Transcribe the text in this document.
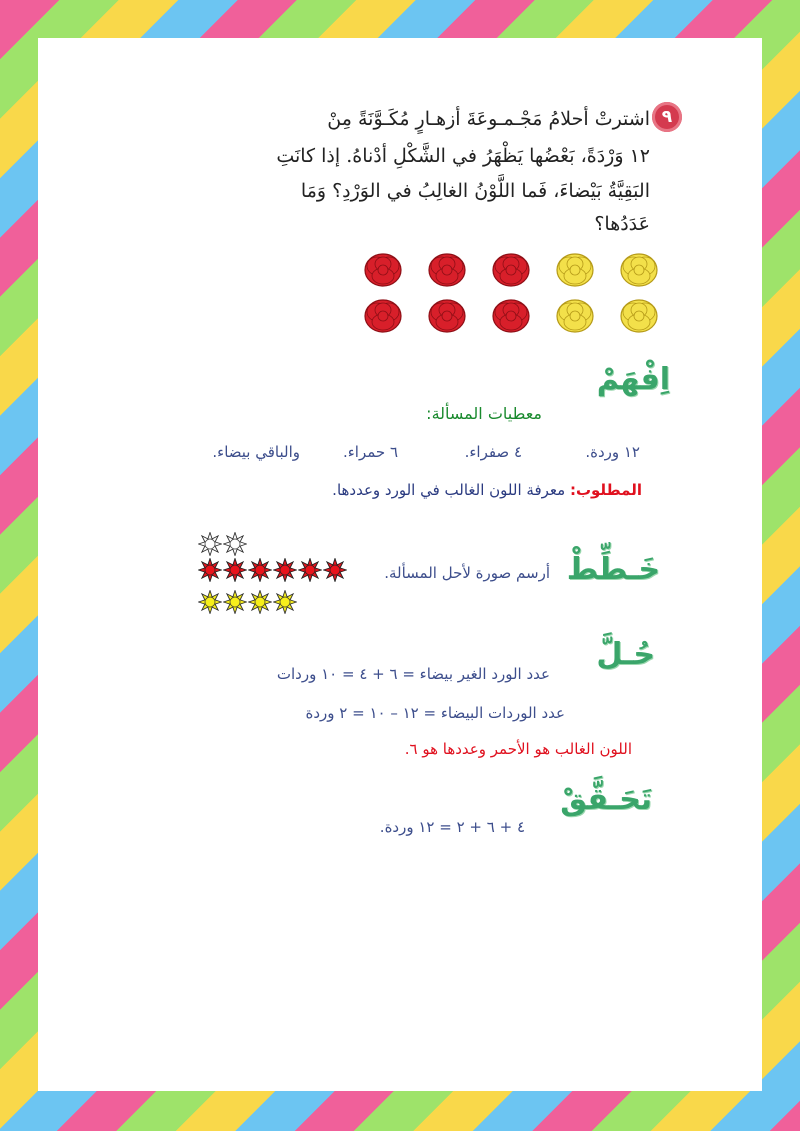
٩
اشترتْ أحلامُ مَجْـمـوعَةَ أزهـارٍ مُكَـوَّنَةً مِنْ
١٢ وَرْدَةً، بَعْضُها يَظْهَرُ في الشَّكْلِ أدْناهُ. إذا كانَتِ
البَقِيَّةُ بَيْضاءَ، فَما اللَّوْنُ الغالِبُ في الوَرْدِ؟ وَمَا
عَدَدُها؟
اِفْهَمْ
معطيات المسألة:
١٢ وردة.
٤ صفراء.
٦ حمراء.
والباقي بيضاء.
المطلوب: معرفة اللون الغالب في الورد وعددها.
خَـطِّطْ
أرسم صورة لأحل المسألة.
حُـلَّ
عدد الورد الغير بيضاء = ٦ + ٤ = ١٠ وردات
عدد الوردات البيضاء = ١٢ – ١٠ = ٢ وردة
اللون الغالب هو الأحمر وعددها هو ٦.
تَحَـقَّقْ
٤ + ٦ + ٢ = ١٢ وردة.
